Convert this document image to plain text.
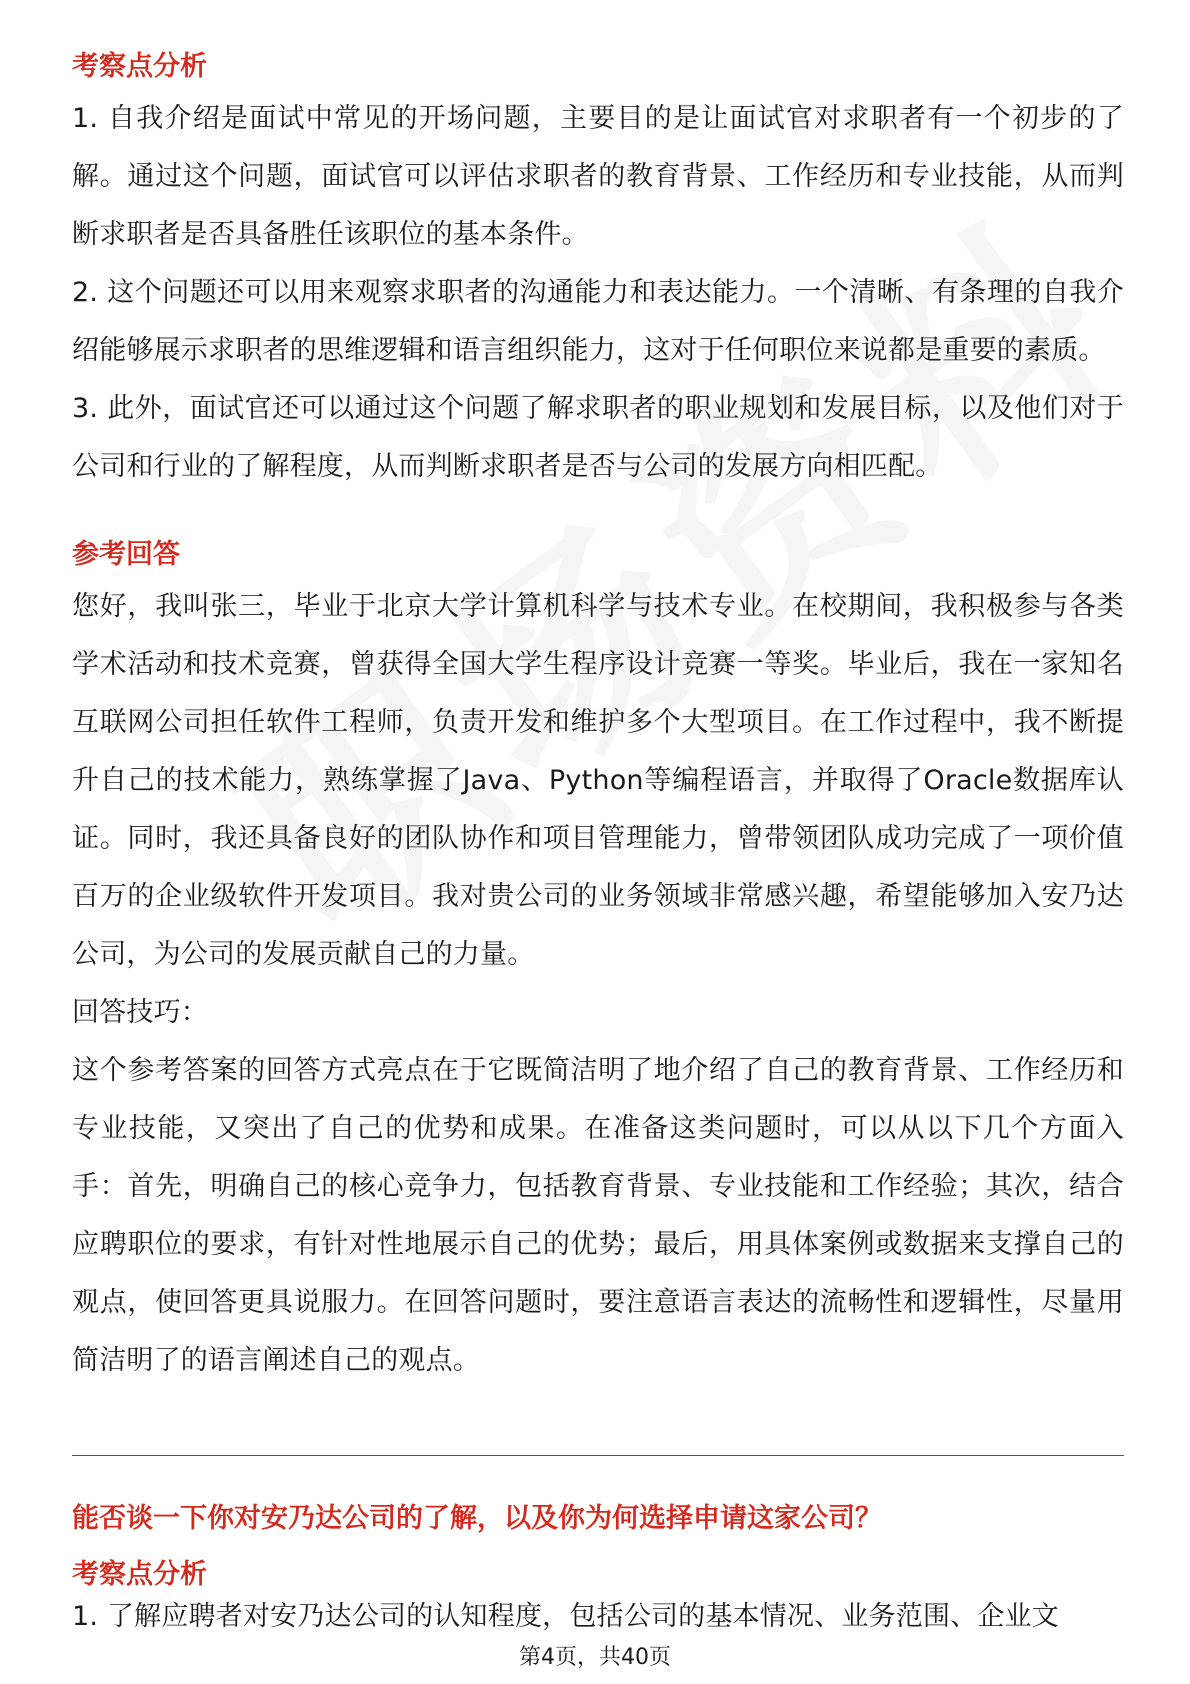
考察点分析

1. 自我介绍是面试中常见的开场问题，主要目的是让面试官对求职者有一个初步的了解。通过这个问题，面试官可以评估求职者的教育背景、工作经历和专业技能，从而判断求职者是否具备胜任该职位的基本条件。

2. 这个问题还可以用来观察求职者的沟通能力和表达能力。一个清晰、有条理的自我介绍能够展示求职者的思维逻辑和语言组织能力，这对于任何职位来说都是重要的素质。

3. 此外，面试官还可以通过这个问题了解求职者的职业规划和发展目标，以及他们对于公司和行业的了解程度，从而判断求职者是否与公司的发展方向相匹配。

参考回答

您好，我叫张三，毕业于北京大学计算机科学与技术专业。在校期间，我积极参与各类学术活动和技术竞赛，曾获得全国大学生程序设计竞赛一等奖。毕业后，我在一家知名互联网公司担任软件工程师，负责开发和维护多个大型项目。在工作过程中，我不断提升自己的技术能力，熟练掌握了Java、Python等编程语言，并取得了Oracle数据库认证。同时，我还具备良好的团队协作和项目管理能力，曾带领团队成功完成了一项价值百万的企业级软件开发项目。我对贵公司的业务领域非常感兴趣，希望能够加入安乃达公司，为公司的发展贡献自己的力量。

回答技巧：

这个参考答案的回答方式亮点在于它既简洁明了地介绍了自己的教育背景、工作经历和专业技能，又突出了自己的优势和成果。在准备这类问题时，可以从以下几个方面入手：首先，明确自己的核心竞争力，包括教育背景、专业技能和工作经验；其次，结合应聘职位的要求，有针对性地展示自己的优势；最后，用具体案例或数据来支撑自己的观点，使回答更具说服力。在回答问题时，要注意语言表达的流畅性和逻辑性，尽量用简洁明了的语言阐述自己的观点。

能否谈一下你对安乃达公司的了解，以及你为何选择申请这家公司？
考察点分析

1. 了解应聘者对安乃达公司的认知程度，包括公司的基本情况、业务范围、企业文

第4页，共40页
